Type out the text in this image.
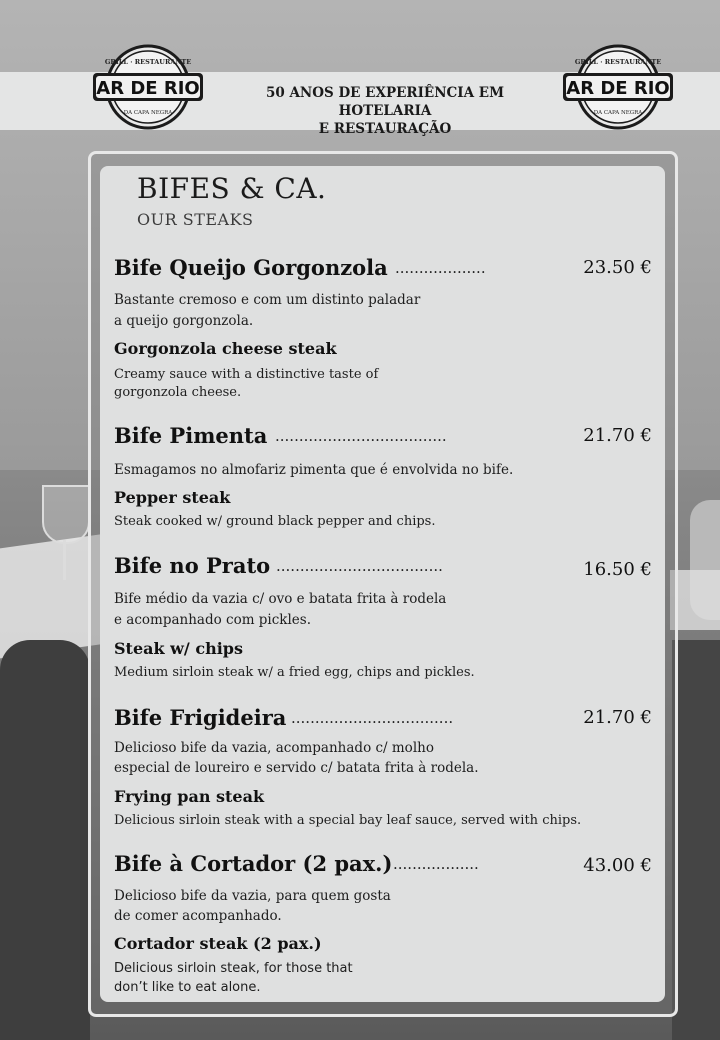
AR DE RIO
GRILL · RESTAURANTE
· DA CAPA NEGRA ·
50 ANOS DE EXPERIÊNCIA EM HOTELARIA
E RESTAURAÇÃO
AR DE RIO
GRILL · RESTAURANTE
· DA CAPA NEGRA ·
BIFES & CA.
OUR STEAKS
Bife Queijo Gorgonzola ...................	23.50 €
Bastante cremoso e com um distinto paladar
a queijo gorgonzola.
Gorgonzola cheese steak
Creamy sauce with a distinctive taste of
gorgonzola cheese.
Bife Pimenta ....................................	21.70 €
Esmagamos no almofariz pimenta que é envolvida no bife.
Pepper steak
Steak cooked w/ ground black pepper and chips.
Bife no Prato ...................................	16.50 €
Bife médio da vazia c/ ovo e batata frita à rodela
e acompanhado com pickles.
Steak w/ chips
Medium sirloin steak w/ a fried egg, chips and pickles.
Bife Frigideira ..................................	21.70 €
Delicioso bife da vazia, acompanhado c/ molho
especial de loureiro e servido c/ batata frita à rodela.
Frying pan steak
Delicious sirloin steak with a special bay leaf sauce, served with chips.
Bife à Cortador (2 pax.) ..................	43.00 €
Delicioso bife da vazia, para quem gosta
de comer acompanhado.
Cortador steak (2 pax.)
Delicious sirloin steak, for those that
don’t like to eat alone.
